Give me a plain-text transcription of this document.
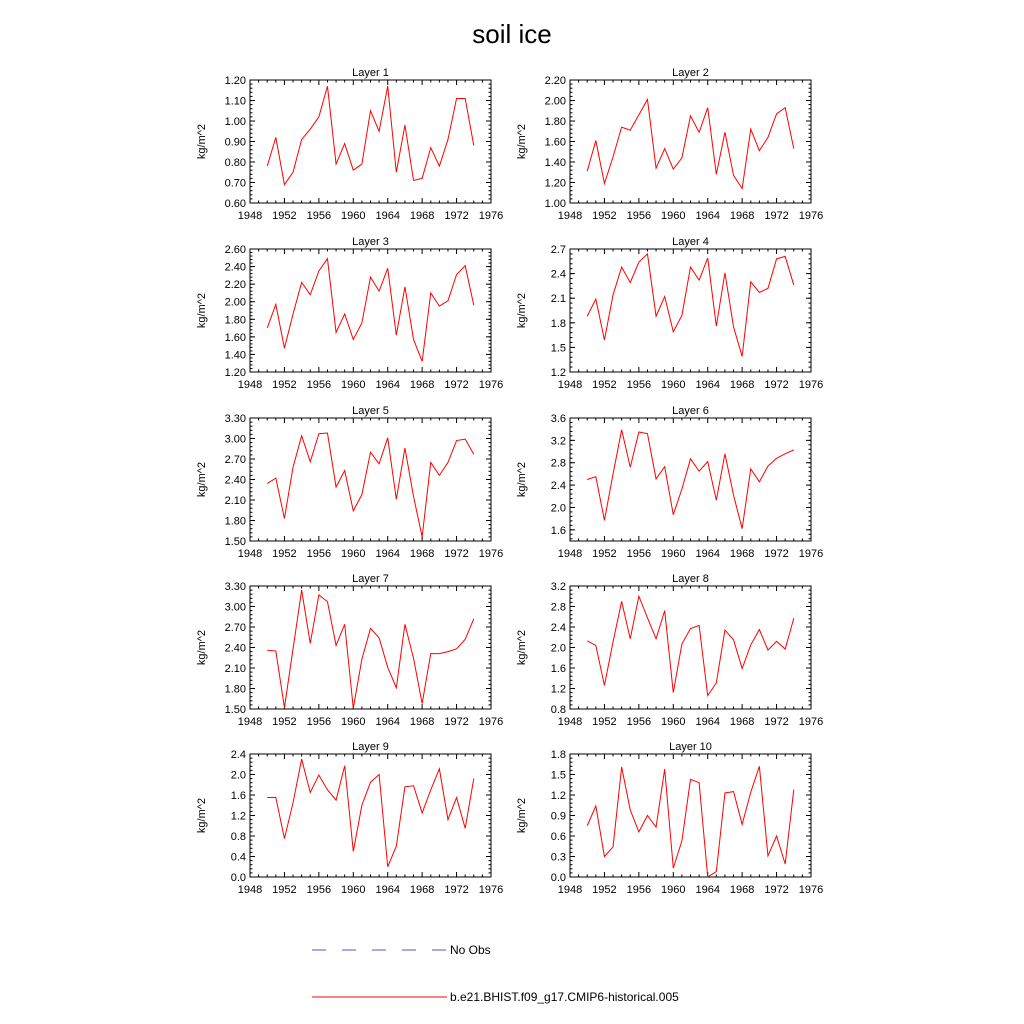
soil ice
Layer 1
1948 1952 1956 1960 1964 1968 1972 1976
0.60
0.70
0.80
0.90
1.00
1.10
1.20
kg/m^2
Layer 2
1948 1952 1956 1960 1964 1968 1972 1976
1.00
1.20
1.40
1.60
1.80
2.00
2.20
kg/m^2
Layer 3
1948 1952 1956 1960 1964 1968 1972 1976
1.20
1.40
1.60
1.80
2.00
2.20
2.40
2.60
kg/m^2
Layer 4
1948 1952 1956 1960 1964 1968 1972 1976
1.2
1.5
1.8
2.1
2.4
2.7
kg/m^2
Layer 5
1948 1952 1956 1960 1964 1968 1972 1976
1.50
1.80
2.10
2.40
2.70
3.00
3.30
kg/m^2
Layer 6
1948 1952 1956 1960 1964 1968 1972 1976
1.6
2.0
2.4
2.8
3.2
3.6
kg/m^2
Layer 7
1948 1952 1956 1960 1964 1968 1972 1976
1.50
1.80
2.10
2.40
2.70
3.00
3.30
kg/m^2
Layer 8
1948 1952 1956 1960 1964 1968 1972 1976
0.8
1.2
1.6
2.0
2.4
2.8
3.2
kg/m^2
Layer 9
1948 1952 1956 1960 1964 1968 1972 1976
0.0
0.4
0.8
1.2
1.6
2.0
2.4
kg/m^2
Layer 10
1948 1952 1956 1960 1964 1968 1972 1976
0.0
0.3
0.6
0.9
1.2
1.5
1.8
kg/m^2
No Obs
b.e21.BHIST.f09_g17.CMIP6-historical.005
